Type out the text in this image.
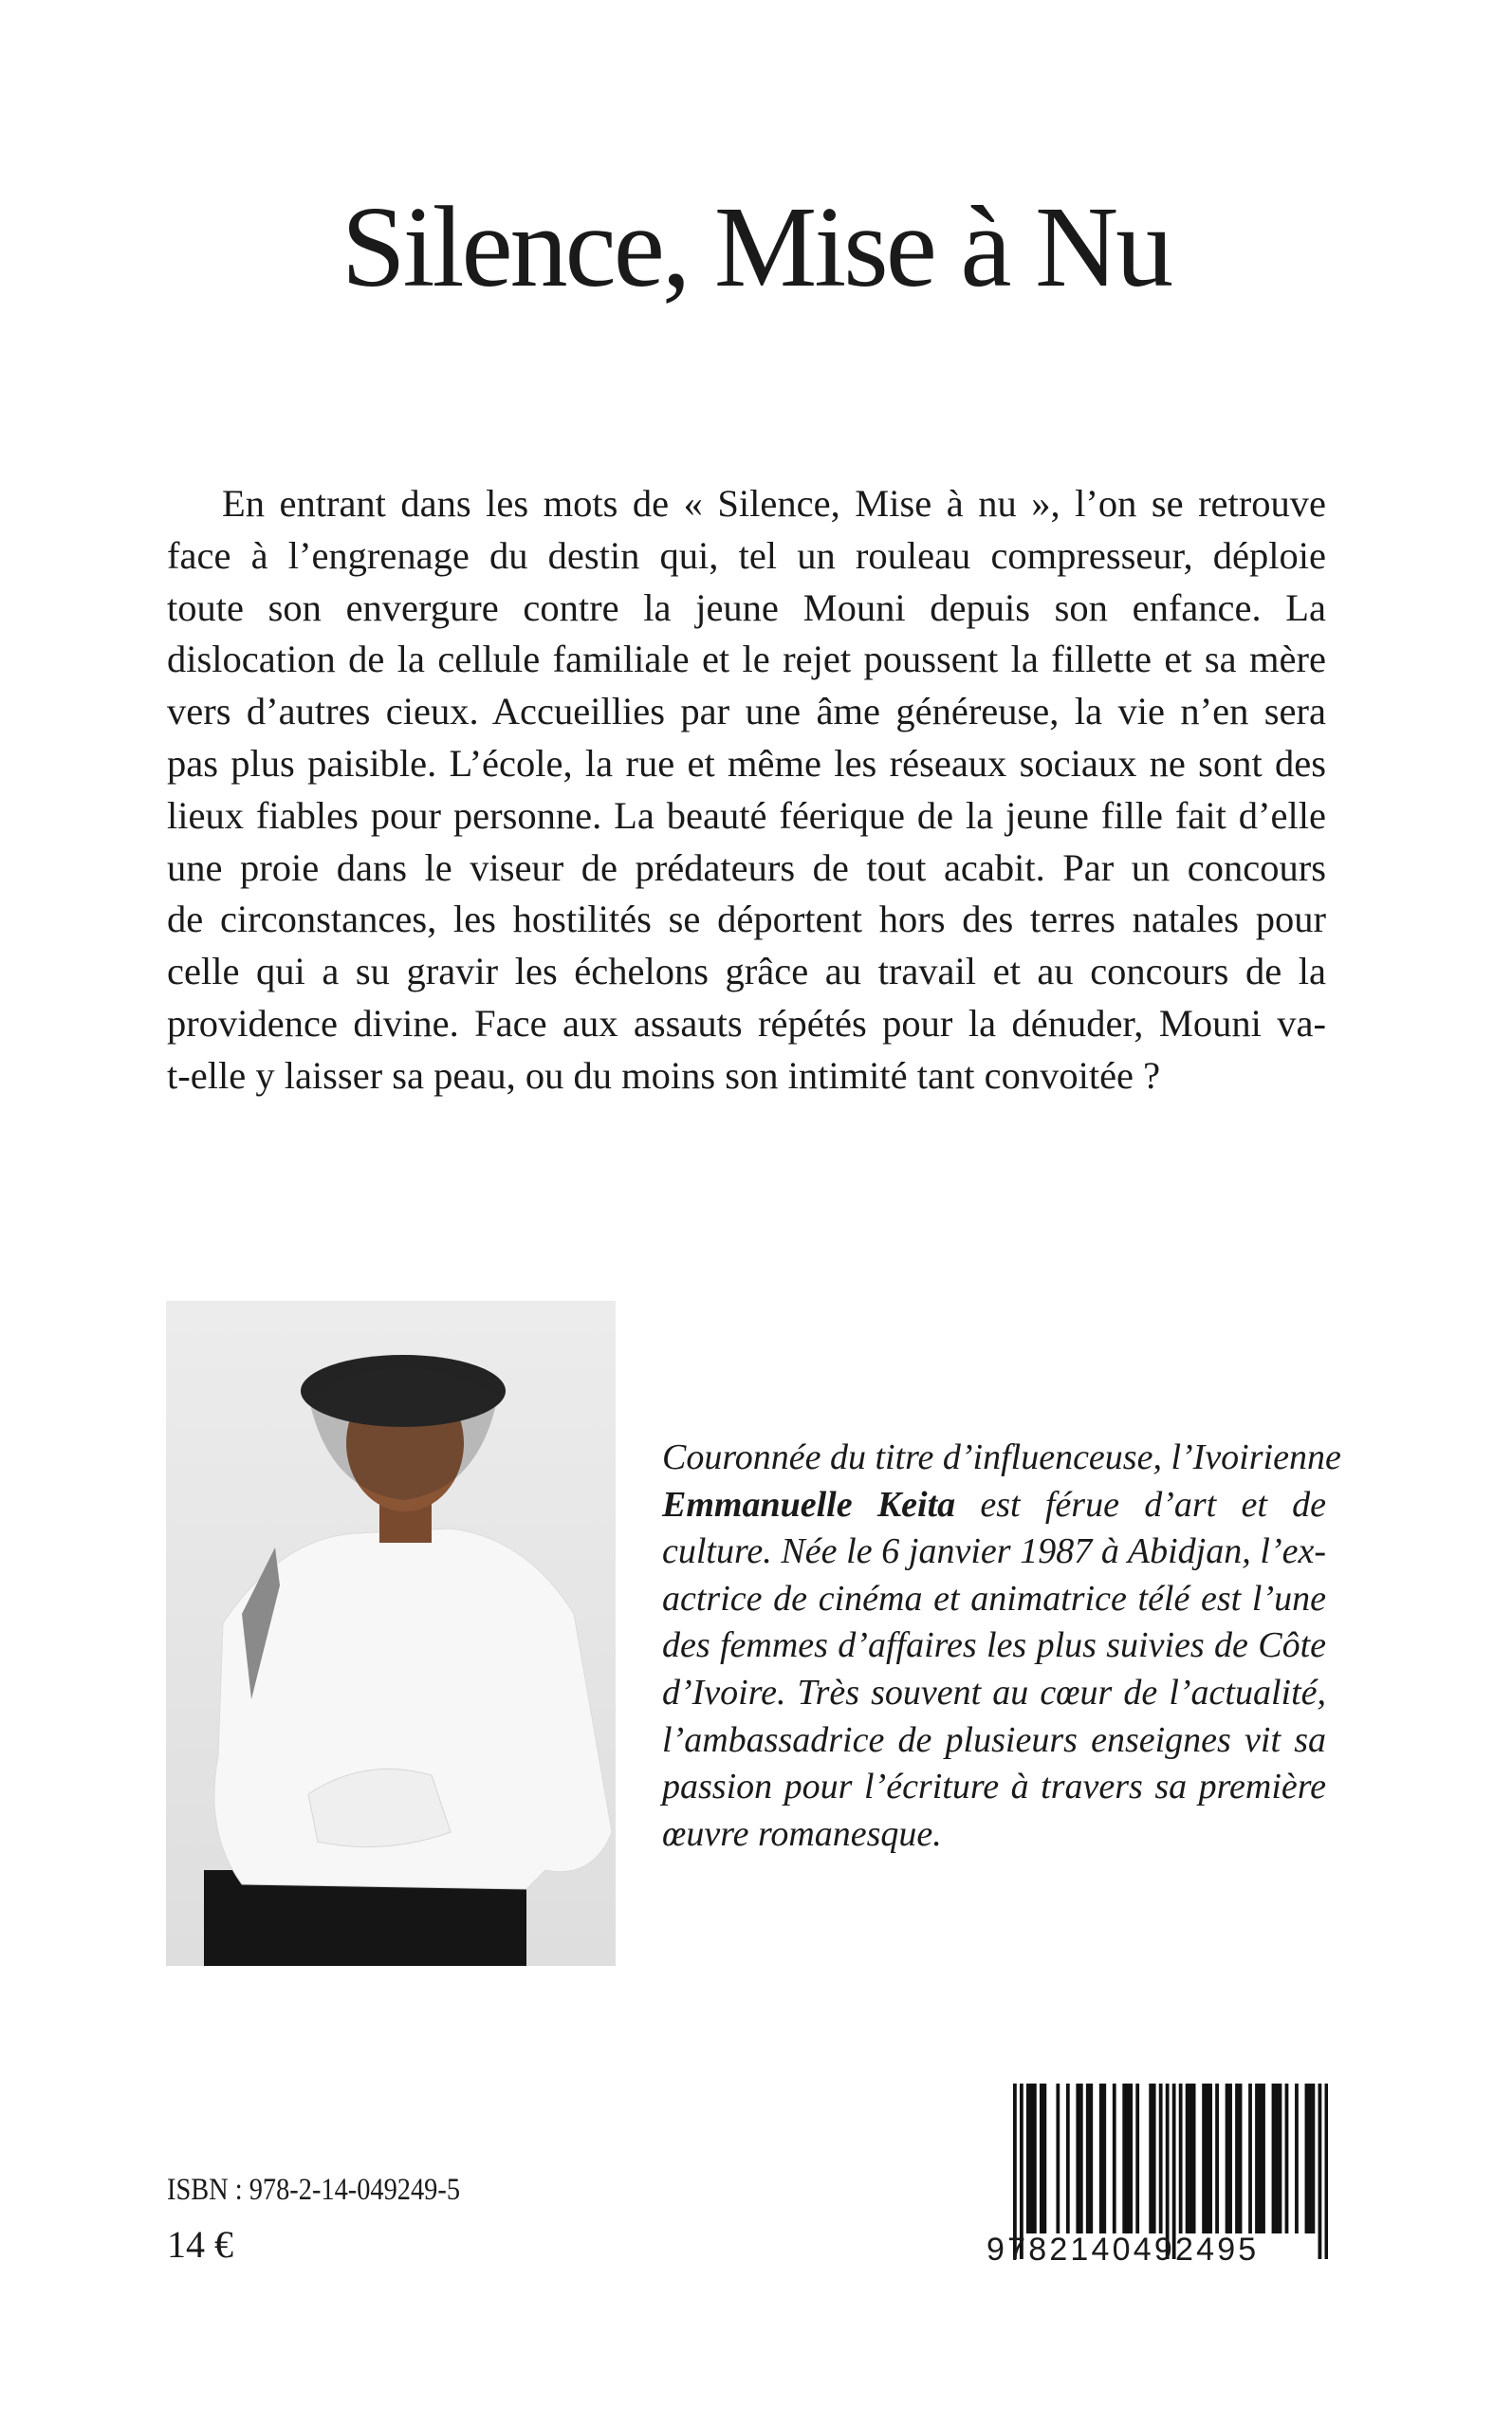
Silence, Mise à Nu
En entrant dans les mots de « Silence, Mise à nu », l’on se retrouve
face à l’engrenage du destin qui, tel un rouleau compresseur, déploie
toute son envergure contre la jeune Mouni depuis son enfance. La
dislocation de la cellule familiale et le rejet poussent la fillette et sa mère
vers d’autres cieux. Accueillies par une âme généreuse, la vie n’en sera
pas plus paisible. L’école, la rue et même les réseaux sociaux ne sont des
lieux fiables pour personne. La beauté féerique de la jeune fille fait d’elle
une proie dans le viseur de prédateurs de tout acabit. Par un concours
de circonstances, les hostilités se déportent hors des terres natales pour
celle qui a su gravir les échelons grâce au travail et au concours de la
providence divine. Face aux assauts répétés pour la dénuder, Mouni va-
t-elle y laisser sa peau, ou du moins son intimité tant convoitée ?
Couronnée du titre d’influenceuse, l’Ivoirienne
Emmanuelle Keita est férue d’art et de
culture. Née le 6 janvier 1987 à Abidjan, l’ex-
actrice de cinéma et animatrice télé est l’une
des femmes d’affaires les plus suivies de Côte
d’Ivoire. Très souvent au cœur de l’actualité,
l’ambassadrice de plusieurs enseignes vit sa
passion pour l’écriture à travers sa première
œuvre romanesque.
ISBN : 978-2-14-049249-5
14 €	9782140492495
